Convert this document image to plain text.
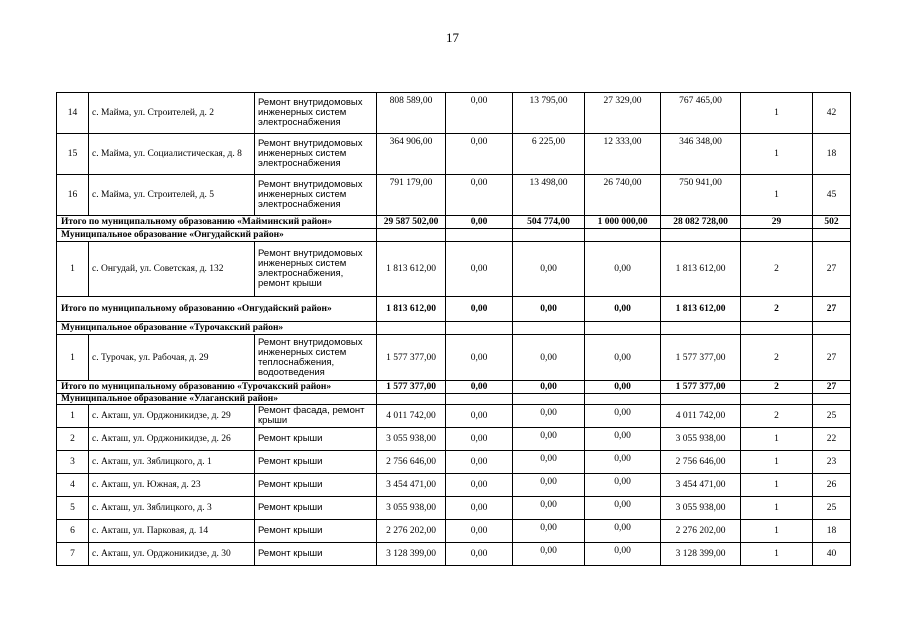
17
14	с. Майма, ул. Строителей, д. 2	Ремонт внутридомовых инженерных систем электроснабжения	808 589,00	0,00	13 795,00	27 329,00	767 465,00	1	42
15	с. Майма, ул. Социалистическая, д. 8	Ремонт внутридомовых инженерных систем электроснабжения	364 906,00	0,00	6 225,00	12 333,00	346 348,00	1	18
16	с. Майма, ул. Строителей, д. 5	Ремонт внутридомовых инженерных систем электроснабжения	791 179,00	0,00	13 498,00	26 740,00	750 941,00	1	45
Итого по муниципальному образованию «Майминский район»			29 587 502,00	0,00	504 774,00	1 000 000,00	28 082 728,00	29	502
Муниципальное образование «Онгудайский район»									
1	с. Онгудай, ул. Советская, д. 132	Ремонт внутридомовых инженерных систем электроснабжения, ремонт крыши	1 813 612,00	0,00	0,00	0,00	1 813 612,00	2	27
Итого по муниципальному образованию «Онгудайский район»			1 813 612,00	0,00	0,00	0,00	1 813 612,00	2	27
Муниципальное образование «Турочакский район»									
1	с. Турочак, ул. Рабочая, д. 29	Ремонт внутридомовых инженерных систем теплоснабжения, водоотведения	1 577 377,00	0,00	0,00	0,00	1 577 377,00	2	27
Итого по муниципальному образованию «Турочакский район»			1 577 377,00	0,00	0,00	0,00	1 577 377,00	2	27
Муниципальное образование «Улаганский район»									
1	с. Акташ, ул. Орджоникидзе, д. 29	Ремонт фасада, ремонт крыши	4 011 742,00	0,00	0,00	0,00	4 011 742,00	2	25
2	с. Акташ, ул. Орджоникидзе, д. 26	Ремонт крыши	3 055 938,00	0,00	0,00	0,00	3 055 938,00	1	22
3	с. Акташ, ул. Зяблицкого, д. 1	Ремонт крыши	2 756 646,00	0,00	0,00	0,00	2 756 646,00	1	23
4	с. Акташ, ул. Южная, д. 23	Ремонт крыши	3 454 471,00	0,00	0,00	0,00	3 454 471,00	1	26
5	с. Акташ, ул. Зяблицкого, д. 3	Ремонт крыши	3 055 938,00	0,00	0,00	0,00	3 055 938,00	1	25
6	с. Акташ, ул. Парковая, д. 14	Ремонт крыши	2 276 202,00	0,00	0,00	0,00	2 276 202,00	1	18
7	с. Акташ, ул. Орджоникидзе, д. 30	Ремонт крыши	3 128 399,00	0,00	0,00	0,00	3 128 399,00	1	40
